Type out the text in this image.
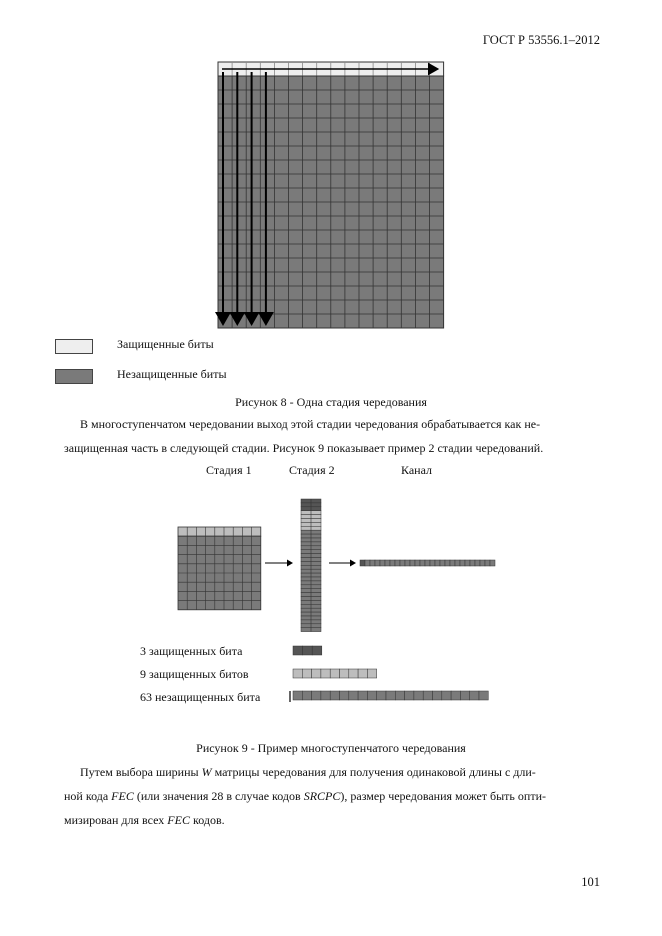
ГОСТ Р 53556.1–2012
Защищенные биты
Незащищенные биты
Рисунок 8 - Одна стадия чередования

В многоступенчатом чередовании выход этой стадии чередования обрабатывается как не-

защищенная часть в следующей стадии. Рисунок 9 показывает пример 2 стадии чередований.

Стадия 1	Стадия 2	Канал
3 защищенных бита
9 защищенных битов
63 незащищенных бита
Рисунок 9 - Пример многоступенчатого чередования

Путем выбора ширины W матрицы чередования для получения одинаковой длины с дли-

ной кода FEC (или значения 28 в случае кодов SRCPC), размер чередования может быть опти-

мизирован для всех FEC кодов.

101
